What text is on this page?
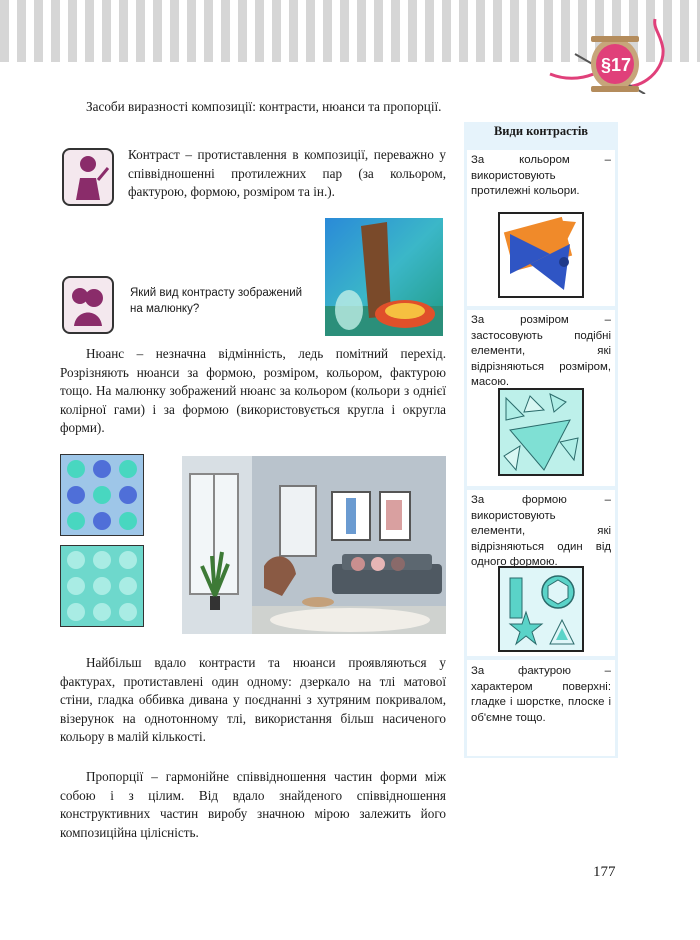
§17
Засоби виразності композиції: контрасти, нюанси та пропорції.
Контраст – протиставлення в композиції, переважно у співвідношенні протилежних пар (за кольором, фактурою, формою, розміром та ін.).
Який вид контрасту зображений на малюнку?
Нюанс – незначна відмінність, ледь помітний перехід. Розрізняють нюанси за формою, розміром, кольором, фактурою тощо. На малюнку зображений нюанс за кольором (кольори з однієї колірної гами) і за формою (використовується кругла і округла форми).
Найбільш вдало контрасти та нюанси проявляються у фактурах, протиставлені один одному: дзеркало на тлі матової стіни, гладка оббивка дивана у поєднанні з хутряним покривалом, візерунок на однотонному тлі, використання більш насиченого кольору в малій кількості.
Пропорції – гармонійне співвідношення частин форми між собою і з цілим. Від вдало знайденого співвідношення конструктивних частин виробу значною мірою залежить його композиційна цілісність.
Види контрастів
За кольором – використовують протилежні кольори.
За розміром – застосовують подібні елементи, які відрізняються розміром, масою.
За формою – використовують елементи, які відрізняються один від одного формою.
За фактурою – характером поверхні: гладке і шорстке, плоске і об'ємне тощо.
177
